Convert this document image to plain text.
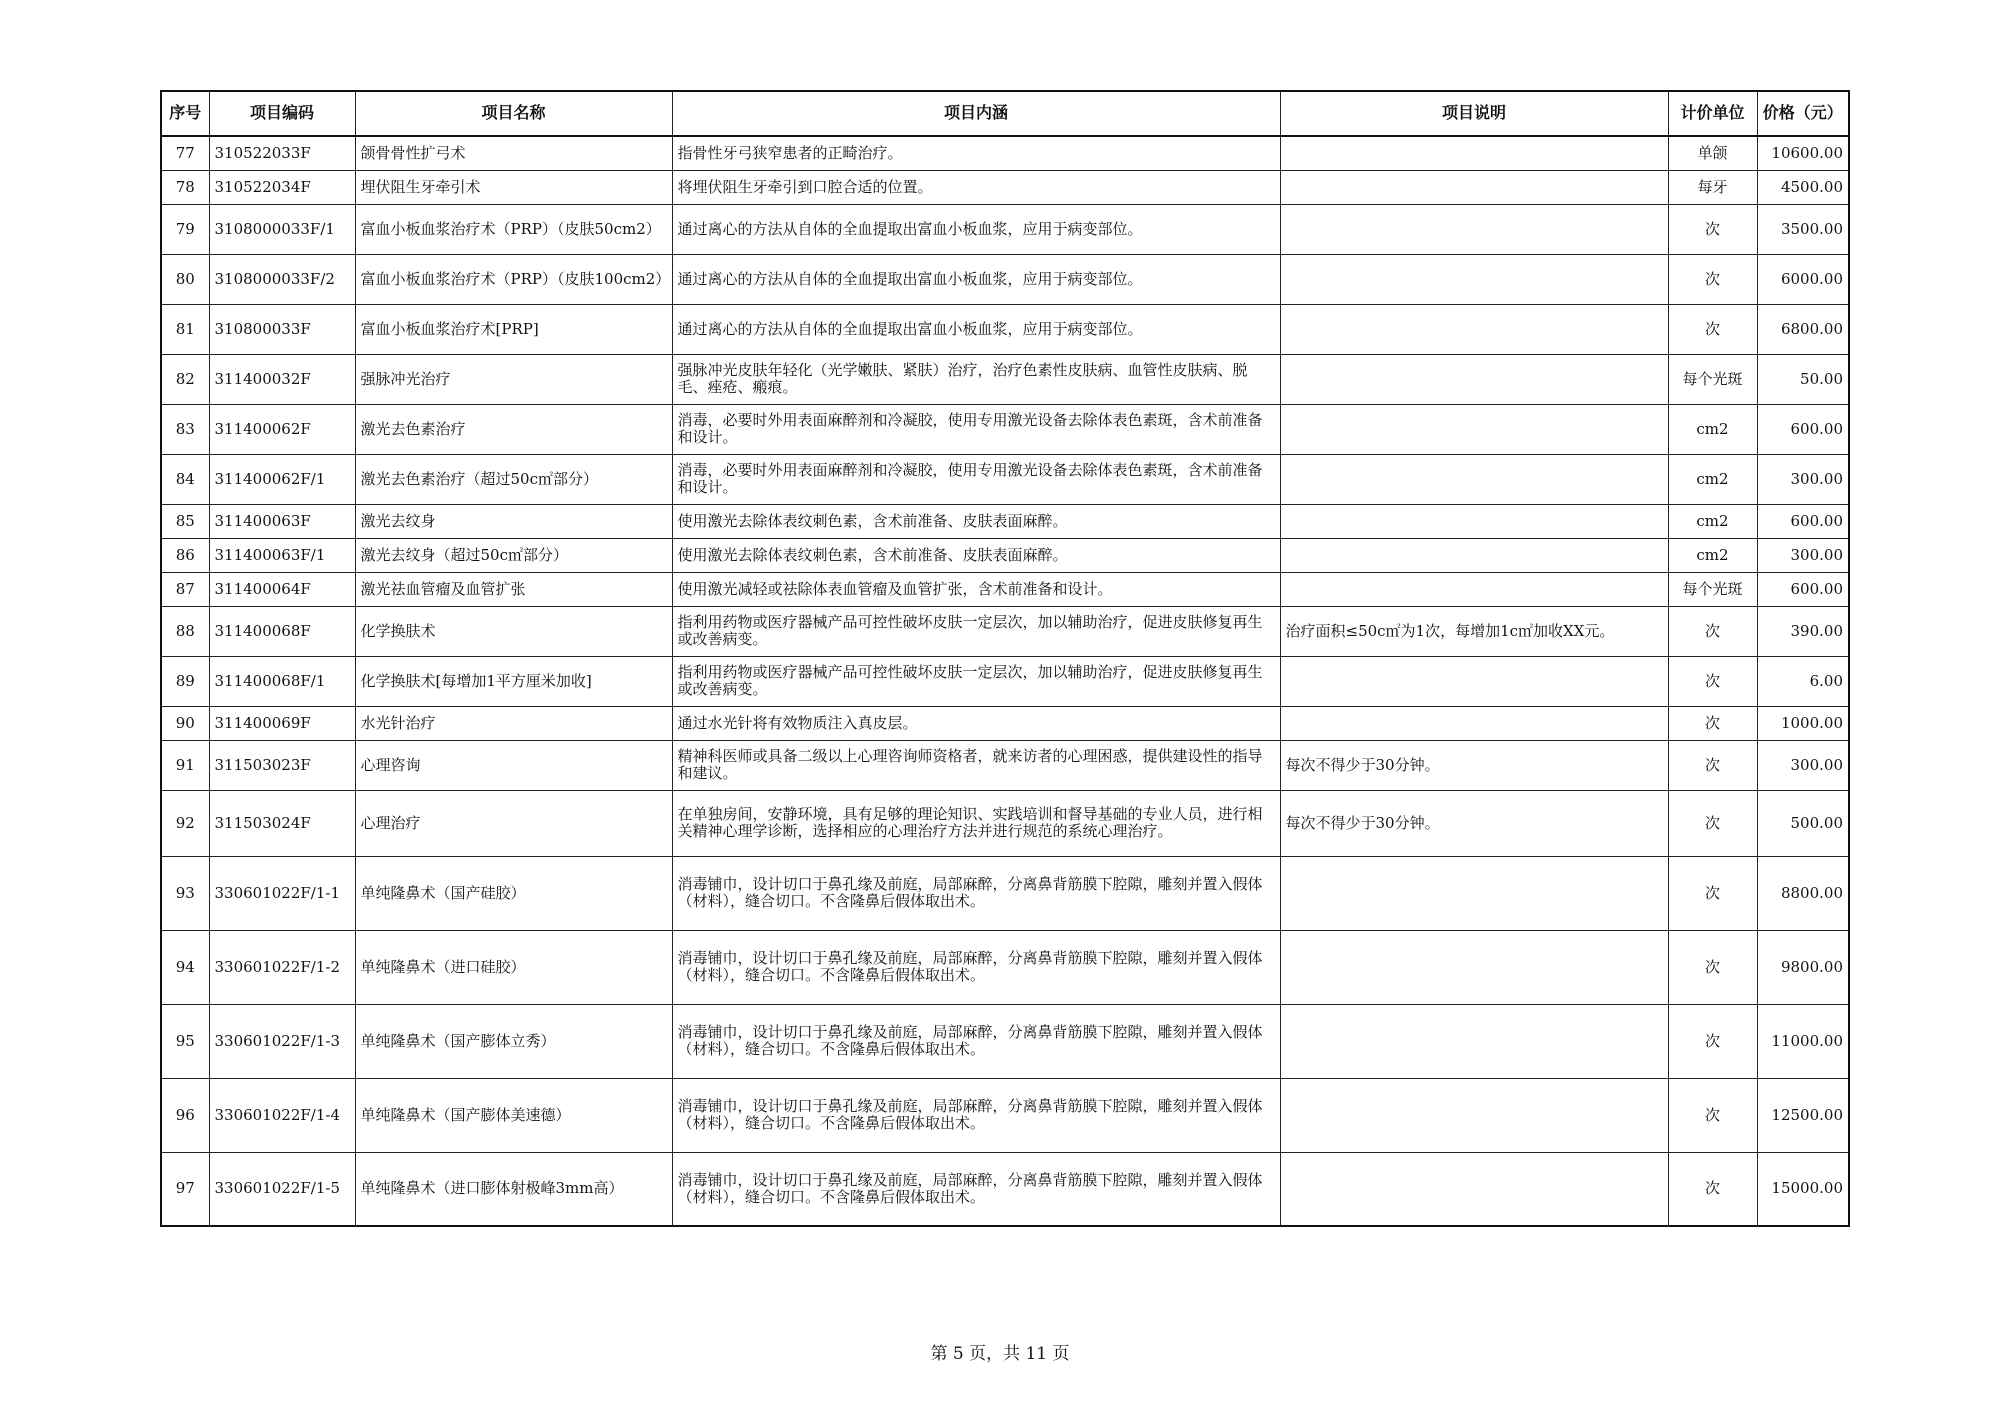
序号	项目编码	项目名称	项目内涵	项目说明	计价单位	价格（元）
77	310522033F	颌骨骨性扩弓术	指骨性牙弓狭窄患者的正畸治疗。		单颌	10600.00
78	310522034F	埋伏阻生牙牵引术	将埋伏阻生牙牵引到口腔合适的位置。		每牙	4500.00
79	3108000033F/1	富血小板血浆治疗术（PRP）（皮肤50cm2）	通过离心的方法从自体的全血提取出富血小板血浆，应用于病变部位。		次	3500.00
80	3108000033F/2	富血小板血浆治疗术（PRP）（皮肤100cm2）	通过离心的方法从自体的全血提取出富血小板血浆，应用于病变部位。		次	6000.00
81	310800033F	富血小板血浆治疗术[PRP]	通过离心的方法从自体的全血提取出富血小板血浆，应用于病变部位。		次	6800.00
82	311400032F	强脉冲光治疗	强脉冲光皮肤年轻化（光学嫩肤、紧肤）治疗，治疗色素性皮肤病、血管性皮肤病、脱毛、痤疮、瘢痕。		每个光斑	50.00
83	311400062F	激光去色素治疗	消毒，必要时外用表面麻醉剂和冷凝胶，使用专用激光设备去除体表色素斑，含术前准备和设计。		cm2	600.00
84	311400062F/1	激光去色素治疗（超过50c㎡部分）	消毒，必要时外用表面麻醉剂和冷凝胶，使用专用激光设备去除体表色素斑，含术前准备和设计。		cm2	300.00
85	311400063F	激光去纹身	使用激光去除体表纹刺色素，含术前准备、皮肤表面麻醉。		cm2	600.00
86	311400063F/1	激光去纹身（超过50c㎡部分）	使用激光去除体表纹刺色素，含术前准备、皮肤表面麻醉。		cm2	300.00
87	311400064F	激光祛血管瘤及血管扩张	使用激光减轻或祛除体表血管瘤及血管扩张，含术前准备和设计。		每个光斑	600.00
88	311400068F	化学换肤术	指利用药物或医疗器械产品可控性破坏皮肤一定层次，加以辅助治疗，促进皮肤修复再生或改善病变。	治疗面积≤50c㎡为1次，每增加1c㎡加收XX元。	次	390.00
89	311400068F/1	化学换肤术[每增加1平方厘米加收]	指利用药物或医疗器械产品可控性破坏皮肤一定层次，加以辅助治疗，促进皮肤修复再生或改善病变。		次	6.00
90	311400069F	水光针治疗	通过水光针将有效物质注入真皮层。		次	1000.00
91	311503023F	心理咨询	精神科医师或具备二级以上心理咨询师资格者，就来访者的心理困惑，提供建设性的指导和建议。	每次不得少于30分钟。	次	300.00
92	311503024F	心理治疗	在单独房间，安静环境，具有足够的理论知识、实践培训和督导基础的专业人员，进行相关精神心理学诊断，选择相应的心理治疗方法并进行规范的系统心理治疗。	每次不得少于30分钟。	次	500.00
93	330601022F/1-1	单纯隆鼻术（国产硅胶）	消毒铺巾，设计切口于鼻孔缘及前庭，局部麻醉，分离鼻背筋膜下腔隙，雕刻并置入假体（材料），缝合切口。不含隆鼻后假体取出术。		次	8800.00
94	330601022F/1-2	单纯隆鼻术（进口硅胶）	消毒铺巾，设计切口于鼻孔缘及前庭，局部麻醉，分离鼻背筋膜下腔隙，雕刻并置入假体（材料），缝合切口。不含隆鼻后假体取出术。		次	9800.00
95	330601022F/1-3	单纯隆鼻术（国产膨体立秀）	消毒铺巾，设计切口于鼻孔缘及前庭，局部麻醉，分离鼻背筋膜下腔隙，雕刻并置入假体（材料），缝合切口。不含隆鼻后假体取出术。		次	11000.00
96	330601022F/1-4	单纯隆鼻术（国产膨体美速德）	消毒铺巾，设计切口于鼻孔缘及前庭，局部麻醉，分离鼻背筋膜下腔隙，雕刻并置入假体（材料），缝合切口。不含隆鼻后假体取出术。		次	12500.00
97	330601022F/1-5	单纯隆鼻术（进口膨体射极峰3mm高）	消毒铺巾，设计切口于鼻孔缘及前庭，局部麻醉，分离鼻背筋膜下腔隙，雕刻并置入假体（材料），缝合切口。不含隆鼻后假体取出术。		次	15000.00
第 5 页，共 11 页
